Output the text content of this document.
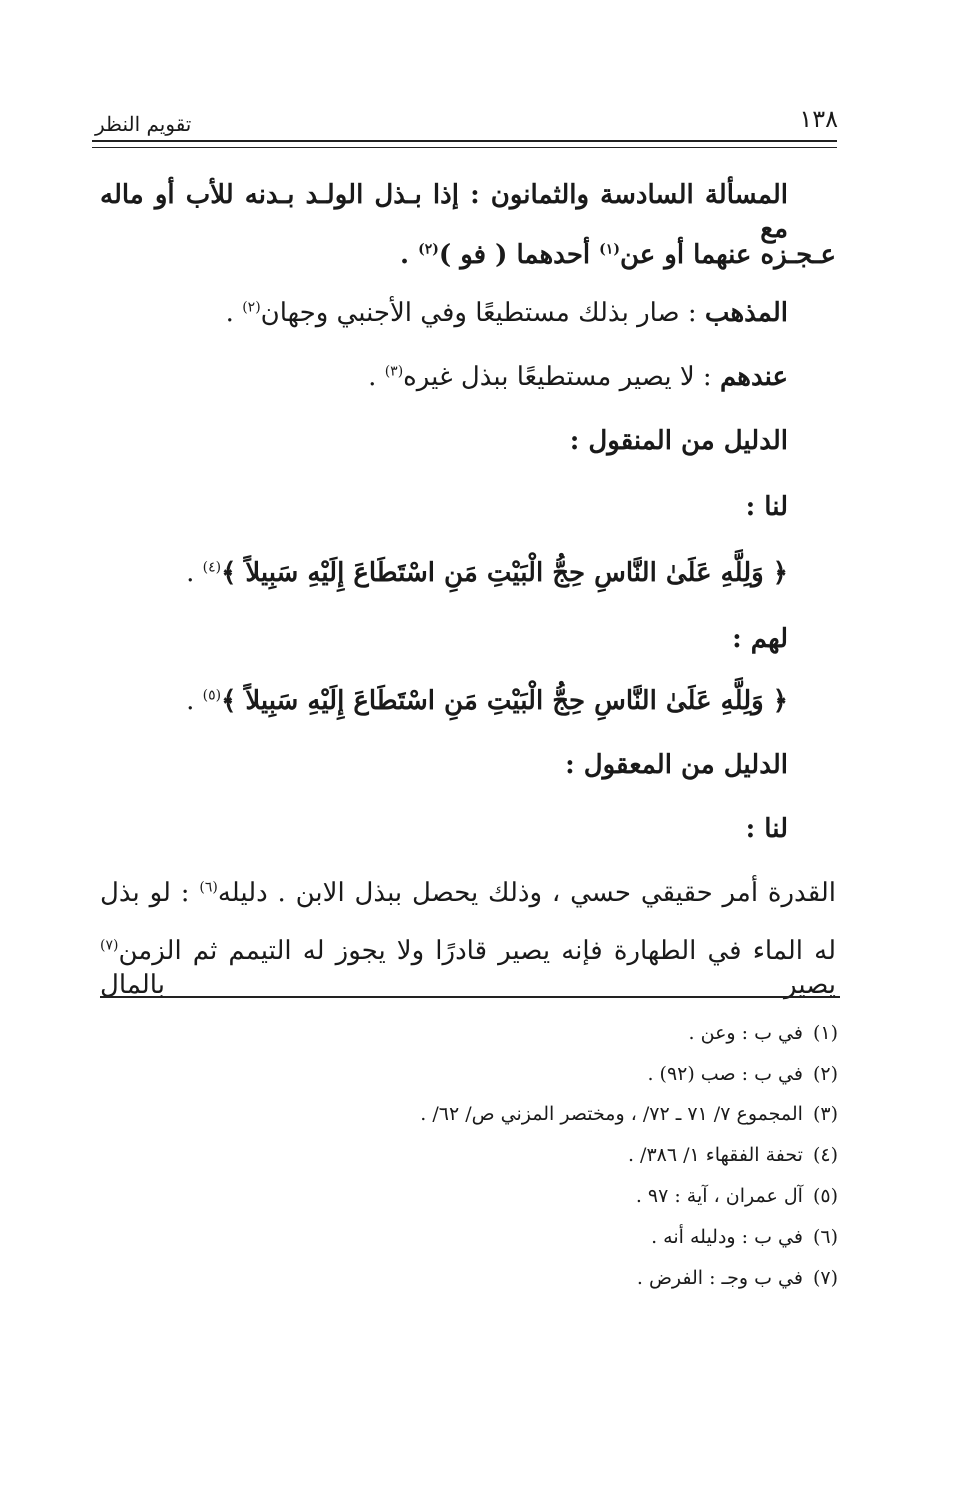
تقويم النظر	١٣٨
المسألة السادسة والثمانون : إذا بـذل الولـد بـدنه للأب أو ماله مع
عـجـزه عنهما أو عن$^{(١)}$ أحدهما ( فو )$^{(٢)}$ .
المذهب : صار بذلك مستطيعًا وفي الأجنبي وجهان$^{(٢)}$ .
عندهم : لا يصير مستطيعًا ببذل غيره$^{(٣)}$ .
الدليل من المنقول :
لنا :
﴿ وَلِلَّهِ عَلَىٰ النَّاسِ حِجُّ الْبَيْتِ مَنِ اسْتَطَاعَ إِلَيْهِ سَبِيلاً ﴾$^{(٤)}$ .
لهم :
﴿ وَلِلَّهِ عَلَىٰ النَّاسِ حِجُّ الْبَيْتِ مَنِ اسْتَطَاعَ إِلَيْهِ سَبِيلاً ﴾$^{(٥)}$ .
الدليل من المعقول :
لنا :
القدرة أمر حقيقي حسي ، وذلك يحصل ببذل الابن . دليله$^{(٦)}$ : لو بذل
له الماء في الطهارة فإنه يصير قادرًا ولا يجوز له التيمم ثم الزمن$^{(٧)}$ يصير بالمال
(١)في ب : وعن .
(٢)في ب : صب (٩٢) .
(٣)المجموع ٧/ ٧١ ـ ٧٢/ ، ومختصر المزني ص/ ٦٢/ .
(٤)تحفة الفقهاء ١/ ٣٨٦/ .
(٥)آل عمران ، آية : ٩٧ .
(٦)في ب : ودليله أنه .
(٧)في ب وجـ : الفرض .
